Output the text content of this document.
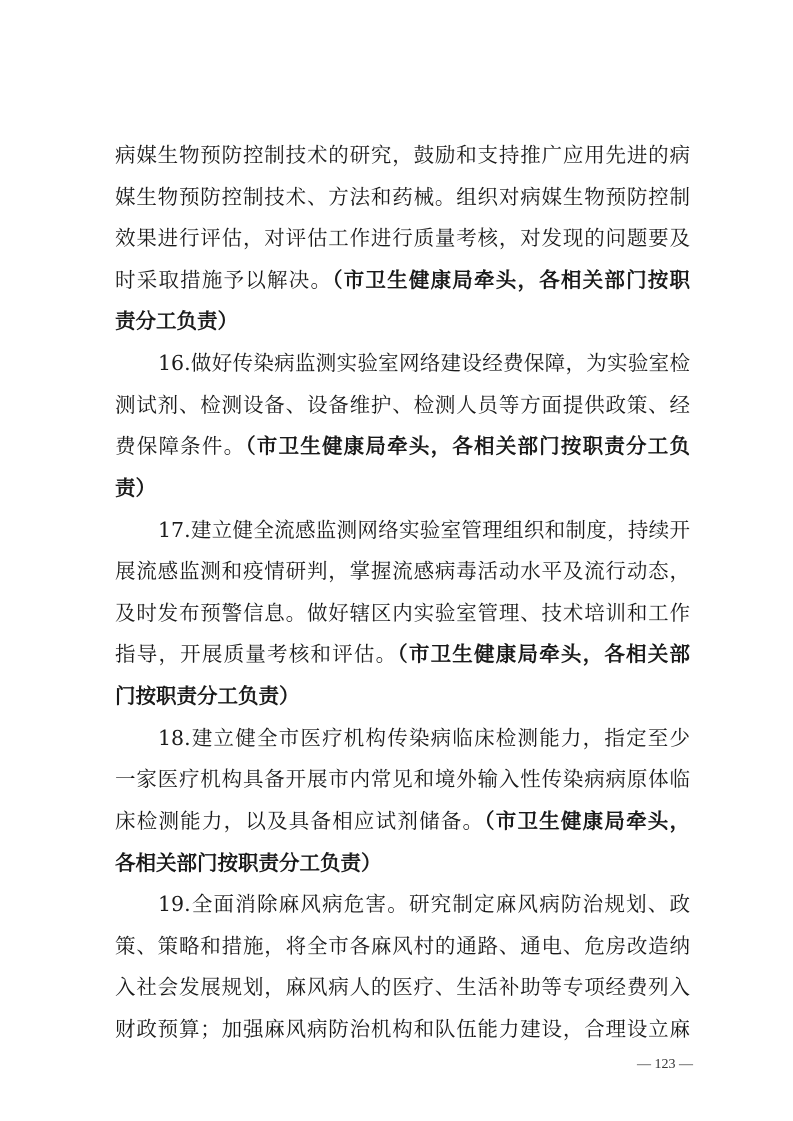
病媒生物预防控制技术的研究，鼓励和支持推广应用先进的病
媒生物预防控制技术、方法和药械。组织对病媒生物预防控制
效果进行评估，对评估工作进行质量考核，对发现的问题要及
时采取措施予以解决。（市卫生健康局牵头，各相关部门按职
责分工负责）
16.做好传染病监测实验室网络建设经费保障，为实验室检
测试剂、检测设备、设备维护、检测人员等方面提供政策、经
费保障条件。（市卫生健康局牵头，各相关部门按职责分工负
责）
17.建立健全流感监测网络实验室管理组织和制度，持续开
展流感监测和疫情研判，掌握流感病毒活动水平及流行动态，
及时发布预警信息。做好辖区内实验室管理、技术培训和工作
指导，开展质量考核和评估。（市卫生健康局牵头，各相关部
门按职责分工负责）
18.建立健全市医疗机构传染病临床检测能力，指定至少
一家医疗机构具备开展市内常见和境外输入性传染病病原体临
床检测能力，以及具备相应试剂储备。（市卫生健康局牵头，
各相关部门按职责分工负责）
19.全面消除麻风病危害。研究制定麻风病防治规划、政
策、策略和措施，将全市各麻风村的通路、通电、危房改造纳
入社会发展规划，麻风病人的医疗、生活补助等专项经费列入
财政预算；加强麻风病防治机构和队伍能力建设，合理设立麻
— 123 —
